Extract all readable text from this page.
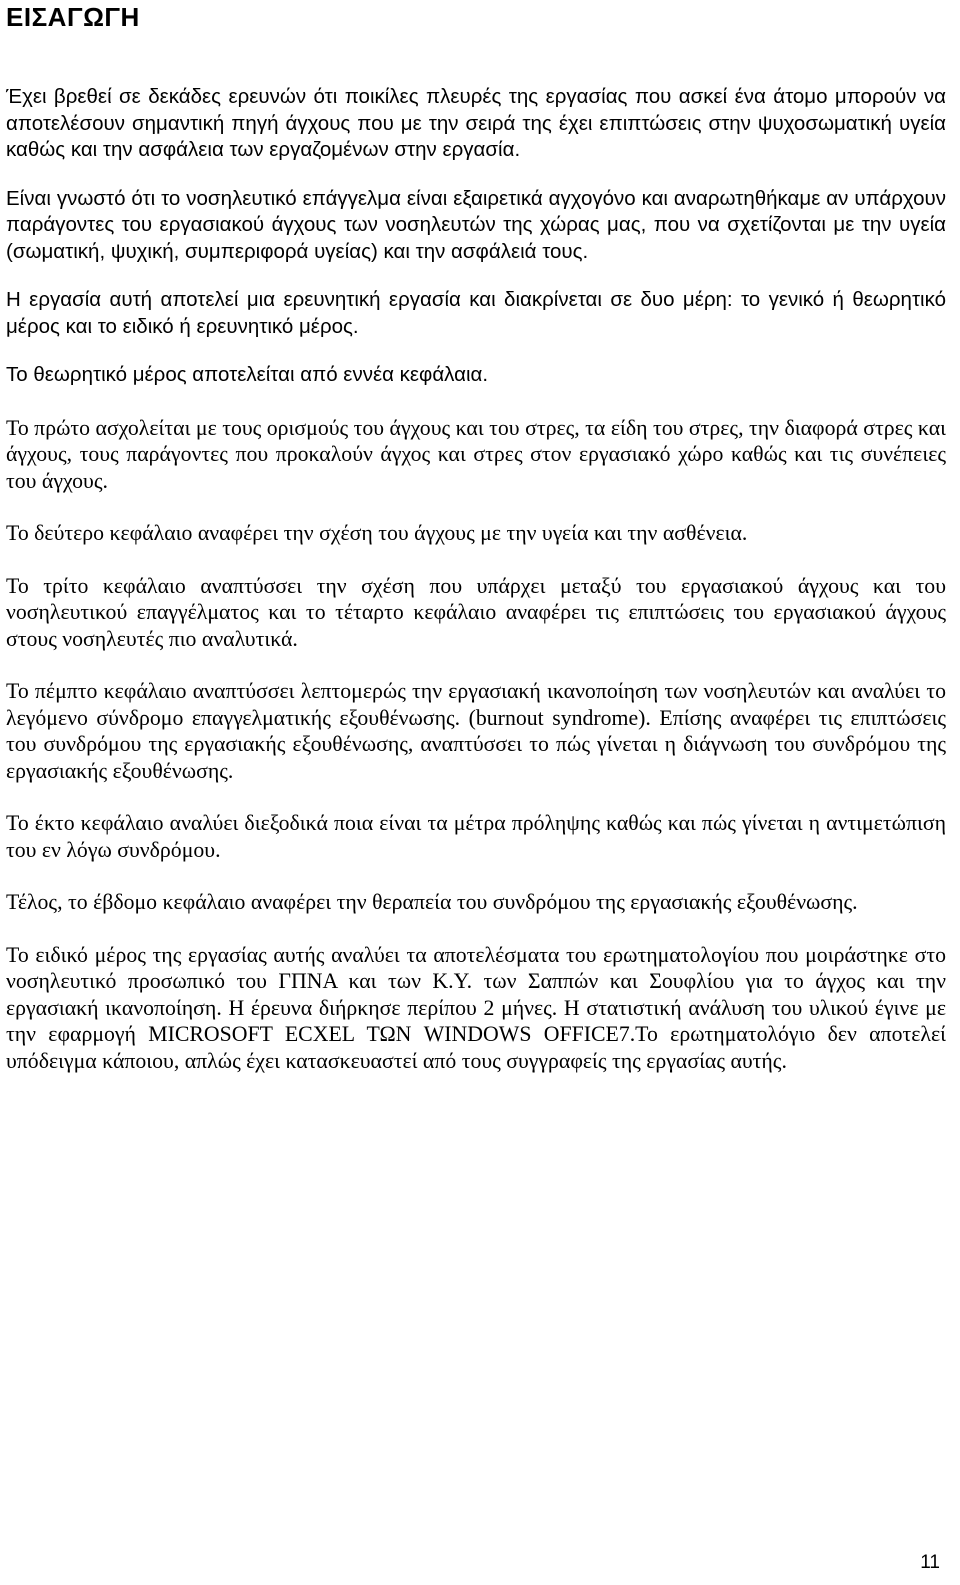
ΕΙΣΑΓΩΓΗ

Έχει βρεθεί σε δεκάδες ερευνών ότι ποικίλες πλευρές της εργασίας που ασκεί ένα άτομο μπορούν να αποτελέσουν σημαντική πηγή άγχους που με την σειρά της έχει επιπτώσεις στην ψυχοσωματική υγεία καθώς και την ασφάλεια των εργαζομένων στην εργασία.

Είναι γνωστό ότι το νοσηλευτικό επάγγελμα είναι εξαιρετικά αγχογόνο και αναρωτηθήκαμε αν υπάρχουν παράγοντες του εργασιακού άγχους των νοσηλευτών της χώρας μας, που να σχετίζονται με την υγεία (σωματική, ψυχική, συμπεριφορά υγείας) και την ασφάλειά τους.

Η εργασία αυτή αποτελεί μια ερευνητική εργασία και διακρίνεται σε δυο μέρη: το γενικό ή θεωρητικό μέρος και το ειδικό ή ερευνητικό μέρος.

Το θεωρητικό μέρος αποτελείται από εννέα κεφάλαια.

Το πρώτο ασχολείται με τους ορισμούς του άγχους και του στρες, τα είδη του στρες, την διαφορά στρες και άγχους, τους παράγοντες που προκαλούν άγχος και στρες στον εργασιακό χώρο καθώς και τις συνέπειες του άγχους.

Το δεύτερο κεφάλαιο αναφέρει την σχέση του άγχους με την υγεία και την ασθένεια.

Το τρίτο κεφάλαιο αναπτύσσει την σχέση που υπάρχει μεταξύ του εργασιακού άγχους και του νοσηλευτικού επαγγέλματος και το τέταρτο κεφάλαιο αναφέρει τις επιπτώσεις του εργασιακού άγχους στους νοσηλευτές πιο αναλυτικά.

Το πέμπτο κεφάλαιο αναπτύσσει λεπτομερώς την εργασιακή ικανοποίηση των νοσηλευτών και αναλύει το λεγόμενο σύνδρομο επαγγελματικής εξουθένωσης. (burnout syndrome). Επίσης αναφέρει τις επιπτώσεις του συνδρόμου της εργασιακής εξουθένωσης, αναπτύσσει το πώς γίνεται η διάγνωση του συνδρόμου της εργασιακής εξουθένωσης.

Το έκτο κεφάλαιο αναλύει διεξοδικά ποια είναι τα μέτρα πρόληψης καθώς και πώς γίνεται η αντιμετώπιση του εν λόγω συνδρόμου.

Τέλος, το έβδομο κεφάλαιο αναφέρει την θεραπεία του συνδρόμου της εργασιακής εξουθένωσης.

Το ειδικό μέρος της εργασίας αυτής αναλύει τα αποτελέσματα του ερωτηματολογίου που μοιράστηκε στο νοσηλευτικό προσωπικό του ΓΠΝΑ και των Κ.Υ. των Σαππών και Σουφλίου για το άγχος και την εργασιακή ικανοποίηση. Η έρευνα διήρκησε περίπου 2 μήνες. Η στατιστική ανάλυση του υλικού έγινε με την εφαρμογή MICROSOFT ECXEL ΤΩΝ WINDOWS OFFICE7.Το ερωτηματολόγιο δεν αποτελεί υπόδειγμα κάποιου, απλώς έχει κατασκευαστεί από τους συγγραφείς της εργασίας αυτής.

11
